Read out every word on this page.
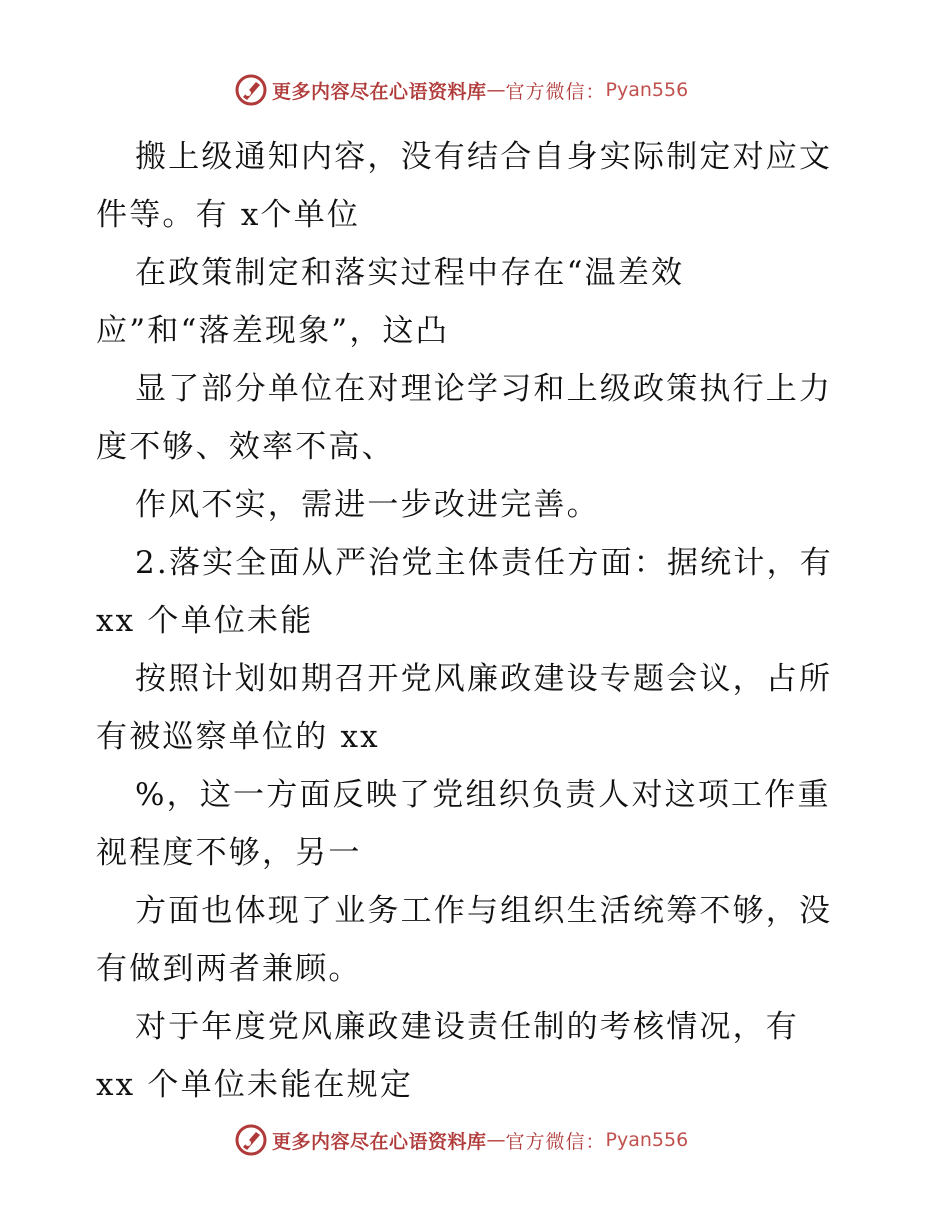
更多内容尽在心语资料库 — 官方微信： Pyan556
搬上级通知内容，没有结合自身实际制定对应文
件等。有 x个单位
在政策制定和落实过程中存在“温差效
应”和“落差现象”，这凸
显了部分单位在对理论学习和上级政策执行上力
度不够、效率不高、
作风不实，需进一步改进完善。
2.落实全面从严治党主体责任方面：据统计，有
xx 个单位未能
按照计划如期召开党风廉政建设专题会议，占所
有被巡察单位的 xx
%，这一方面反映了党组织负责人对这项工作重
视程度不够，另一
方面也体现了业务工作与组织生活统筹不够，没
有做到两者兼顾。
对于年度党风廉政建设责任制的考核情况，有
xx 个单位未能在规定
更多内容尽在心语资料库 — 官方微信： Pyan556
